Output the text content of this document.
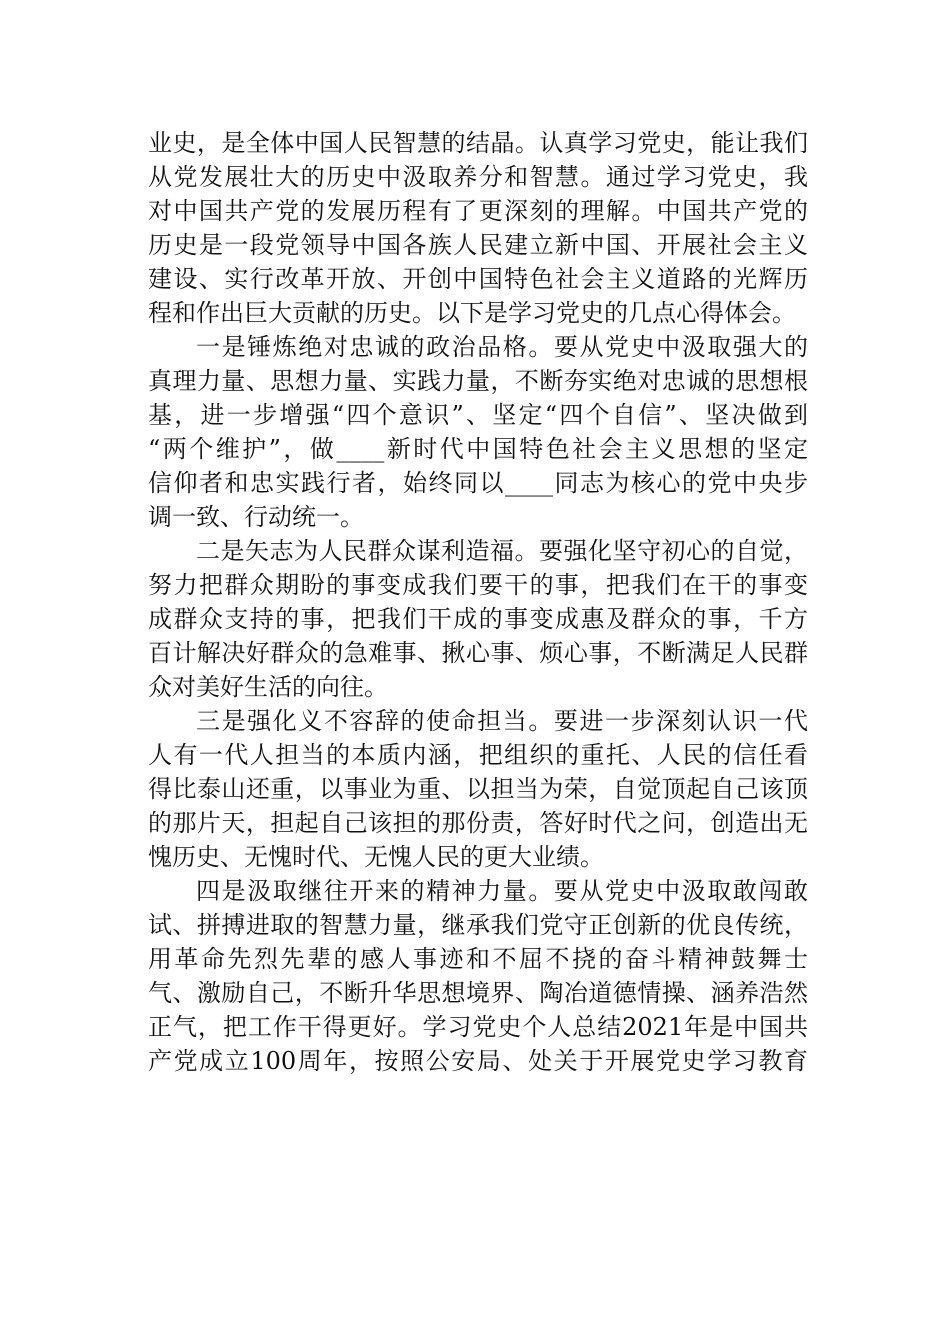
业史，是全体中国人民智慧的结晶。认真学习党史，能让我们
从党发展壮大的历史中汲取养分和智慧。通过学习党史，我
对中国共产党的发展历程有了更深刻的理解。中国共产党的
历史是一段党领导中国各族人民建立新中国、开展社会主义
建设、实行改革开放、开创中国特色社会主义道路的光辉历
程和作出巨大贡献的历史。以下是学习党史的几点心得体会。
一是锤炼绝对忠诚的政治品格。要从党史中汲取强大的
真理力量、思想力量、实践力量，不断夯实绝对忠诚的思想根
基，进一步增强“四个意识”、坚定“四个自信”、坚决做到
“两个维护”，做____新时代中国特色社会主义思想的坚定
信仰者和忠实践行者，始终同以____同志为核心的党中央步
调一致、行动统一。
二是矢志为人民群众谋利造福。要强化坚守初心的自觉，
努力把群众期盼的事变成我们要干的事，把我们在干的事变
成群众支持的事，把我们干成的事变成惠及群众的事，千方
百计解决好群众的急难事、揪心事、烦心事，不断满足人民群
众对美好生活的向往。
三是强化义不容辞的使命担当。要进一步深刻认识一代
人有一代人担当的本质内涵，把组织的重托、人民的信任看
得比泰山还重，以事业为重、以担当为荣，自觉顶起自己该顶
的那片天，担起自己该担的那份责，答好时代之问，创造出无
愧历史、无愧时代、无愧人民的更大业绩。
四是汲取继往开来的精神力量。要从党史中汲取敢闯敢
试、拼搏进取的智慧力量，继承我们党守正创新的优良传统，
用革命先烈先辈的感人事迹和不屈不挠的奋斗精神鼓舞士
气、激励自己，不断升华思想境界、陶冶道德情操、涵养浩然
正气，把工作干得更好。学习党史个人总结2021年是中国共
产党成立100周年，按照公安局、处关于开展党史学习教育
